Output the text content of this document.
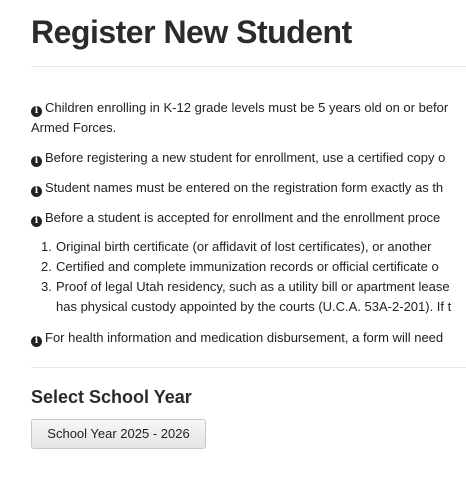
Register New Student
i Children enrolling in K-12 grade levels must be 5 years old on or befor
Armed Forces.
i Before registering a new student for enrollment, use a certified copy o
i Student names must be entered on the registration form exactly as th
i Before a student is accepted for enrollment and the enrollment proce
1. Original birth certificate (or affidavit of lost certificates), or another
2. Certified and complete immunization records or official certificate o
3. Proof of legal Utah residency, such as a utility bill or apartment lease
has physical custody appointed by the courts (U.C.A. 53A-2-201). If t
i For health information and medication disbursement, a form will need
Select School Year
School Year 2025 - 2026
